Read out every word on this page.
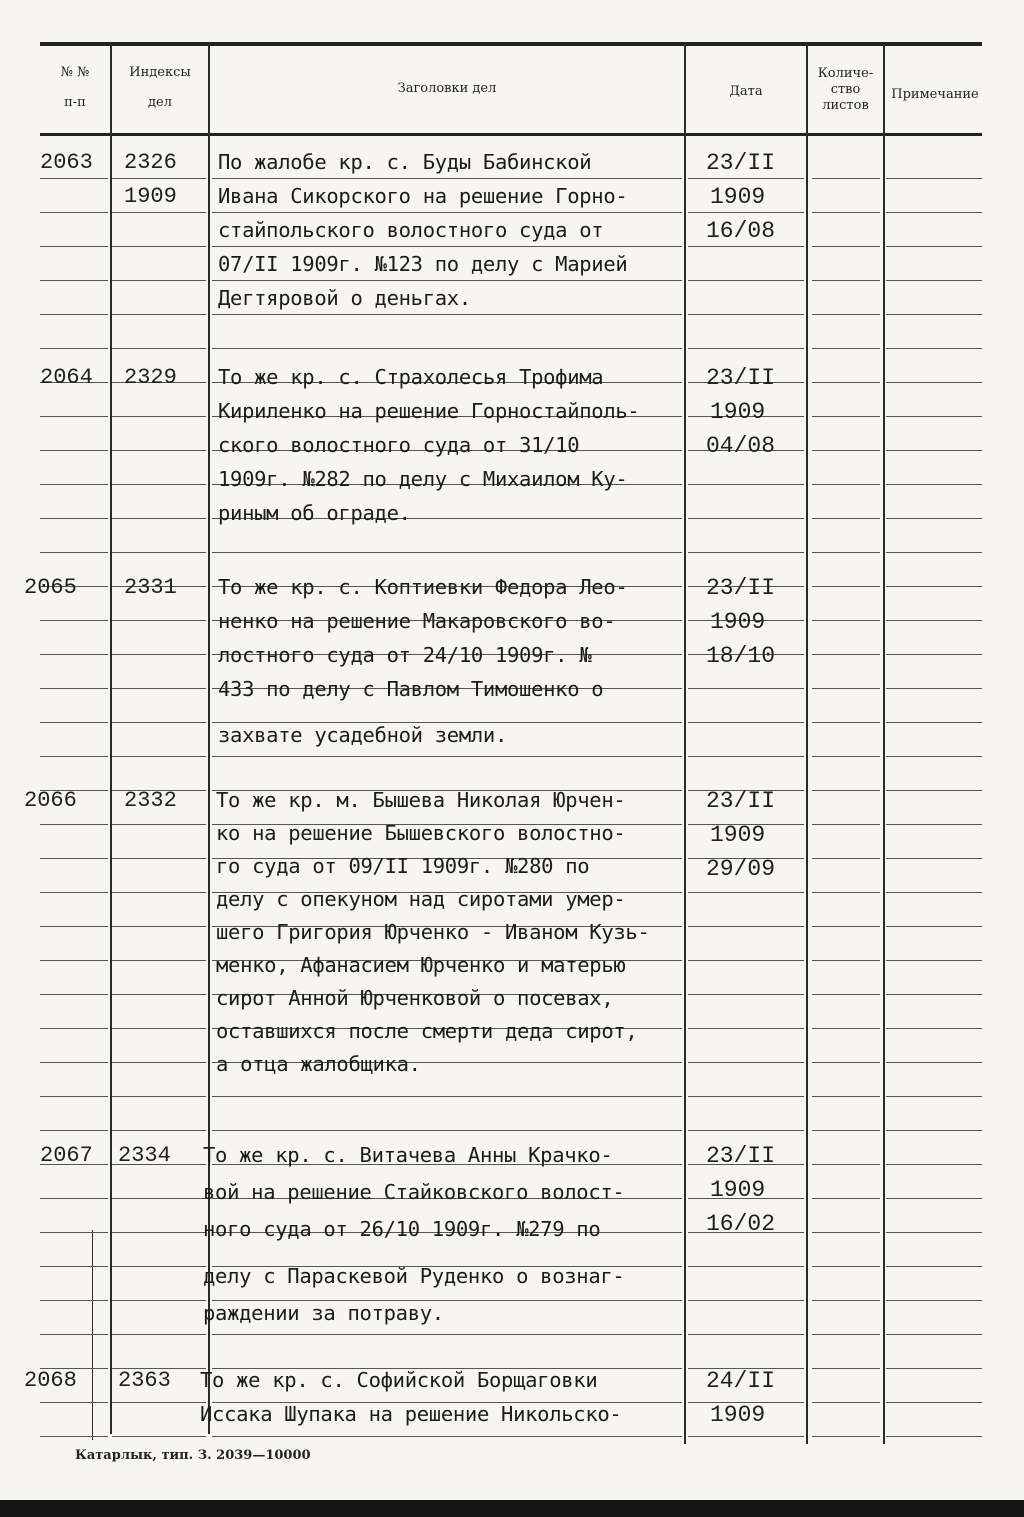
№ №
п-п
Индексы
дел
Заголовки дел	Дата
Количе-
ство
листов
Примечание
2063 2326
1909
По жалобе кр. с. Буды Бабинской
Ивана Сикорского на решение Горно-
стайпольского волостного суда от
07/II 1909г. №123 по делу с Марией
Дегтяровой о деньгах.
23/II
1909
16/08
2064 2329 То же кр. с. Страхолесья Трофима
Кириленко на решение Горностайполь-
ского волостного суда от 31/10
1909г. №282 по делу с Михаилом Ку-
риным об ограде.
23/II
1909
04/08
2065 2331 То же кр. с. Коптиевки Федора Лео-
ненко на решение Макаровского во-
лостного суда от 24/10 1909г. №
433 по делу с Павлом Тимошенко о
захвате усадебной земли.
23/II
1909
18/10
2066 2332 То же кр. м. Бышева Николая Юрчен-
ко на решение Бышевского волостно-
го суда от 09/II 1909г. №280 по
делу с опекуном над сиротами умер-
шего Григория Юрченко - Иваном Кузь-
менко, Афанасием Юрченко и матерью
сирот Анной Юрченковой о посевах,
оставшихся после смерти деда сирот,
а отца жалобщика.
23/II
1909
29/09
2067 2334 То же кр. с. Витачева Анны Крачко-
вой на решение Стайковского волост-
ного суда от 26/10 1909г. №279 по
делу с Параскевой Руденко о вознаг-
раждении за потраву.
23/II
1909
16/02
2068 2363 То же кр. с. Софийской Борщаговки
Иссака Шупака на решение Никольско-
24/II
1909
Катарлык, тип. З. 2039—10000
